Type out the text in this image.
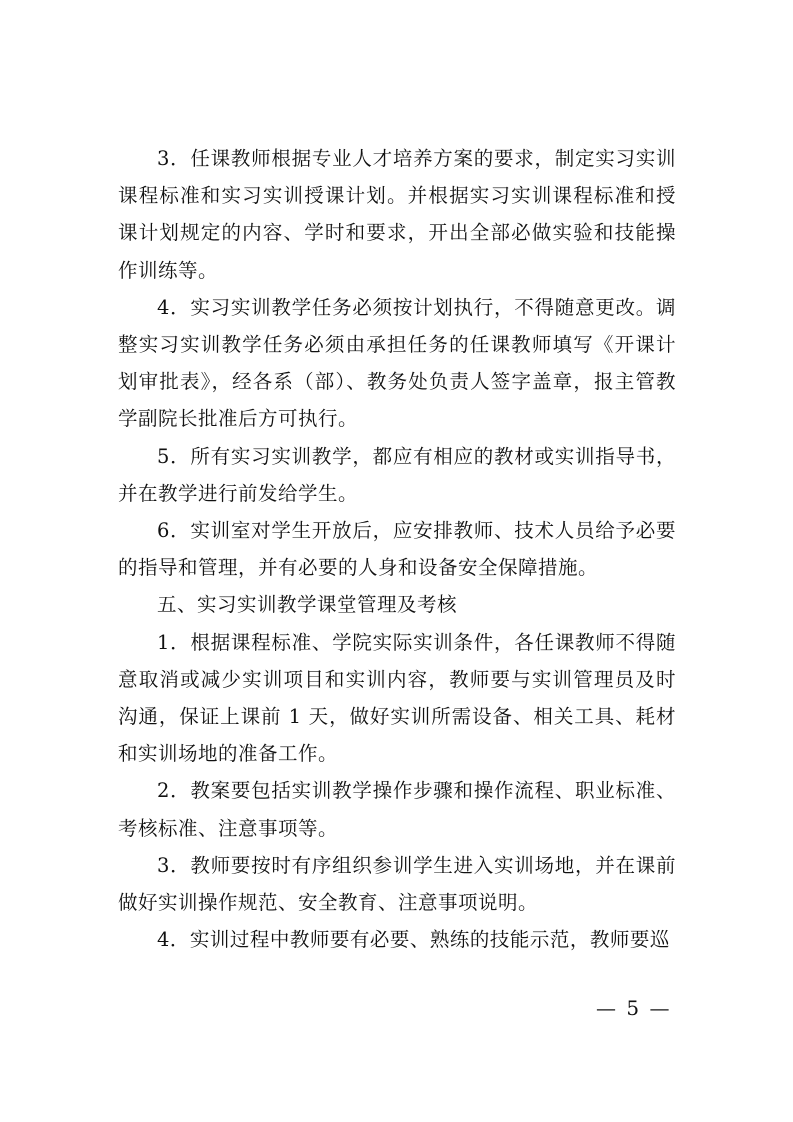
3．任课教师根据专业人才培养方案的要求，制定实习实训课程标准和实习实训授课计划。并根据实习实训课程标准和授课计划规定的内容、学时和要求，开出全部必做实验和技能操作训练等。

4．实习实训教学任务必须按计划执行，不得随意更改。调整实习实训教学任务必须由承担任务的任课教师填写《开课计划审批表》，经各系（部）、教务处负责人签字盖章，报主管教学副院长批准后方可执行。

5．所有实习实训教学，都应有相应的教材或实训指导书，并在教学进行前发给学生。

6．实训室对学生开放后，应安排教师、技术人员给予必要的指导和管理，并有必要的人身和设备安全保障措施。

五、实习实训教学课堂管理及考核

1．根据课程标准、学院实际实训条件，各任课教师不得随意取消或减少实训项目和实训内容，教师要与实训管理员及时沟通，保证上课前 1 天，做好实训所需设备、相关工具、耗材和实训场地的准备工作。

2．教案要包括实训教学操作步骤和操作流程、职业标准、考核标准、注意事项等。

3．教师要按时有序组织参训学生进入实训场地，并在课前做好实训操作规范、安全教育、注意事项说明。

4．实训过程中教师要有必要、熟练的技能示范，教师要巡

— 5 —
